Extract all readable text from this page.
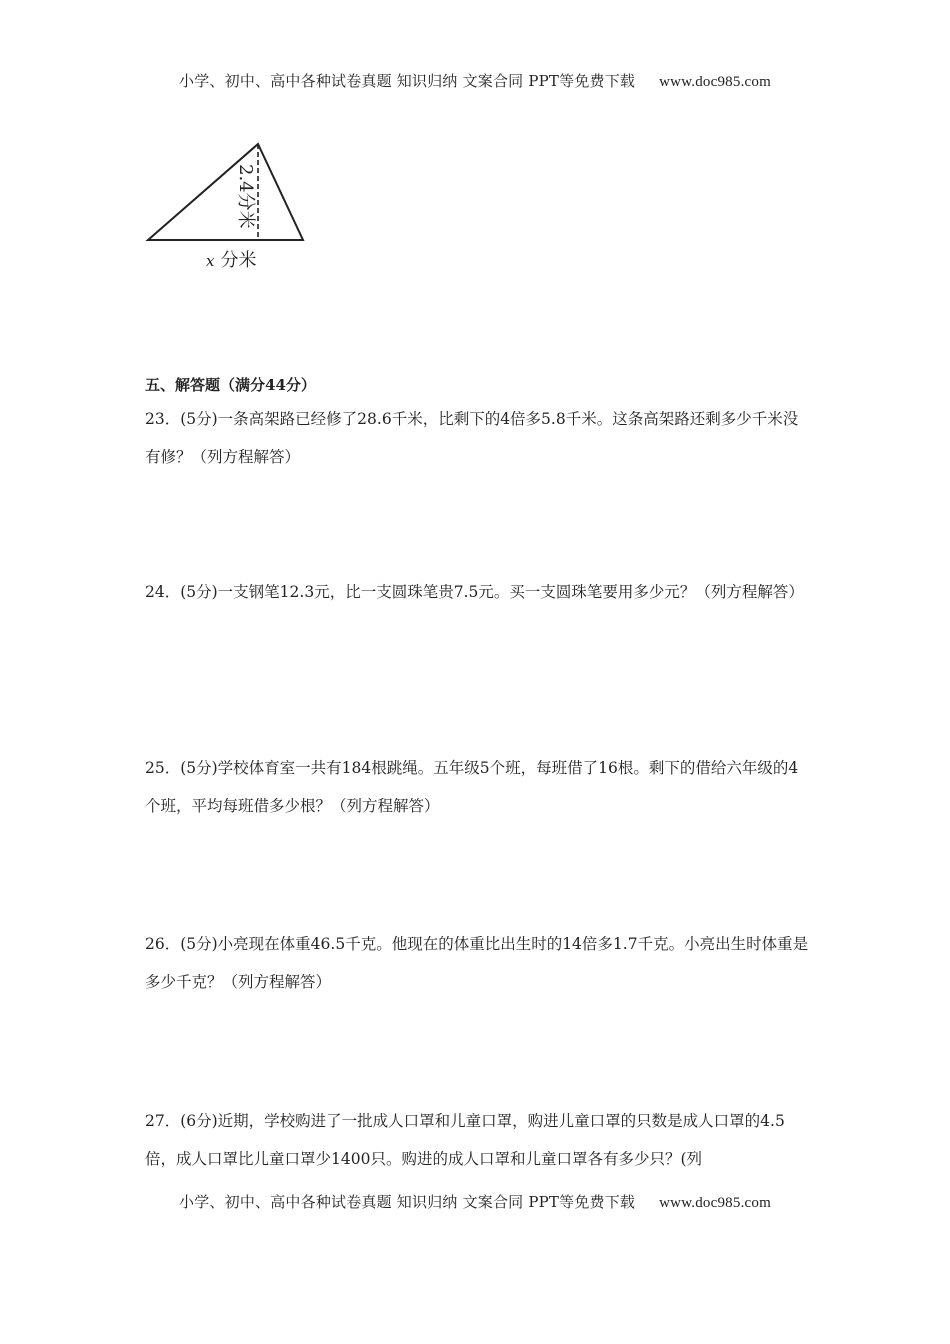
小学、初中、高中各种试卷真题 知识归纳 文案合同 PPT等免费下载 www.doc985.com
2.4分米
x 分米
五、解答题（满分44分）
23．(5分)一条高架路已经修了28.6千米，比剩下的4倍多5.8千米。这条高架路还剩多少千米没有修？（列方程解答）
24．(5分)一支钢笔12.3元，比一支圆珠笔贵7.5元。买一支圆珠笔要用多少元？（列方程解答）
25．(5分)学校体育室一共有184根跳绳。五年级5个班，每班借了16根。剩下的借给六年级的4个班，平均每班借多少根？（列方程解答）
26．(5分)小亮现在体重46.5千克。他现在的体重比出生时的14倍多1.7千克。小亮出生时体重是多少千克？（列方程解答）
27．(6分)近期，学校购进了一批成人口罩和儿童口罩，购进儿童口罩的只数是成人口罩的4.5倍，成人口罩比儿童口罩少1400只。购进的成人口罩和儿童口罩各有多少只？(列
小学、初中、高中各种试卷真题 知识归纳 文案合同 PPT等免费下载 www.doc985.com
